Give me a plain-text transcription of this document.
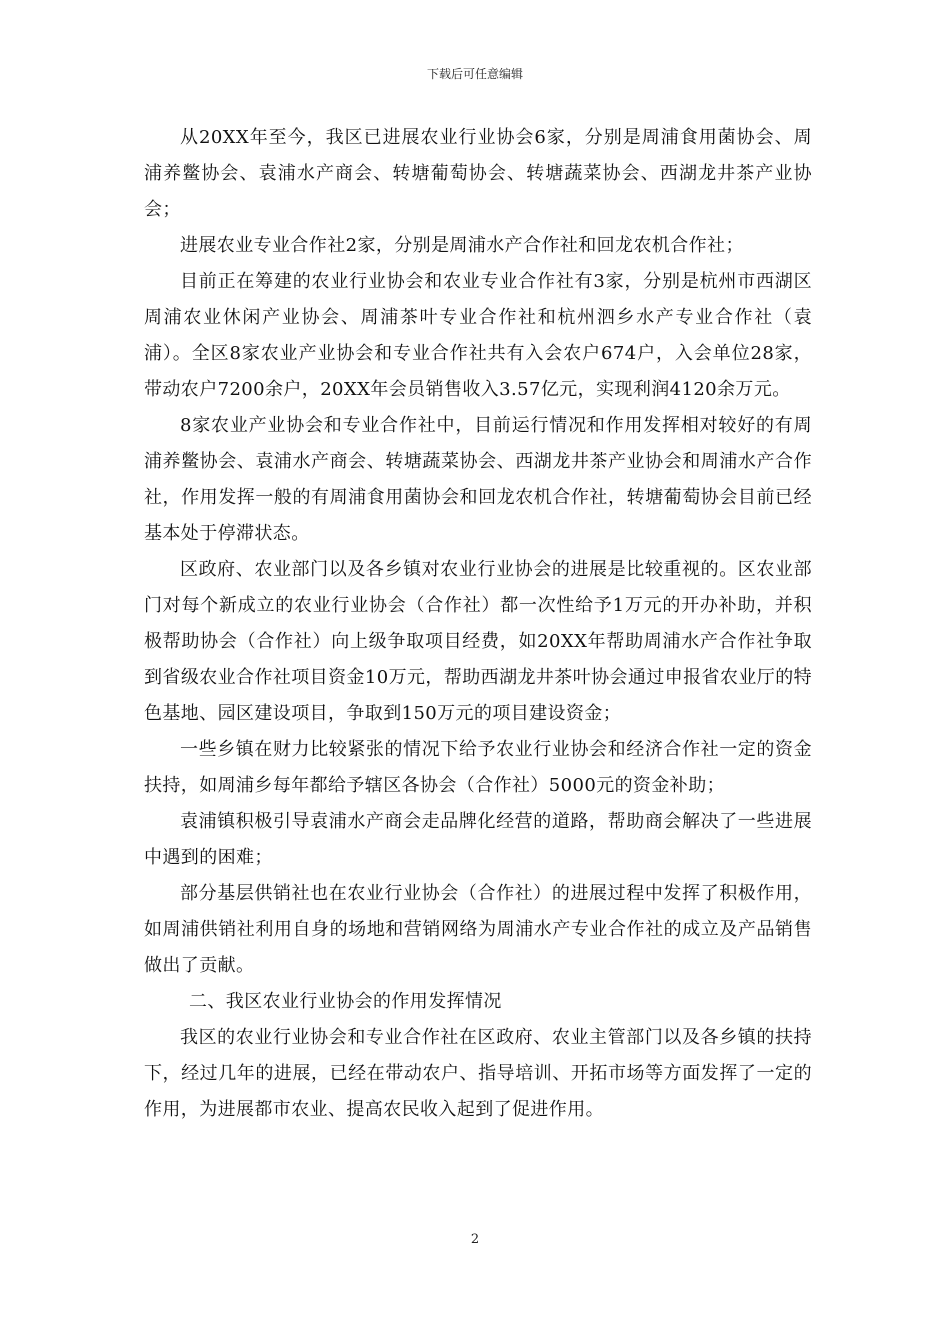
下载后可任意编辑

从20XX年至今，我区已进展农业行业协会6家，分别是周浦食用菌协会、周浦养鳖协会、袁浦水产商会、转塘葡萄协会、转塘蔬菜协会、西湖龙井茶产业协会；

进展农业专业合作社2家，分别是周浦水产合作社和回龙农机合作社；

目前正在筹建的农业行业协会和农业专业合作社有3家，分别是杭州市西湖区周浦农业休闲产业协会、周浦茶叶专业合作社和杭州泗乡水产专业合作社（袁浦）。全区8家农业产业协会和专业合作社共有入会农户674户，入会单位28家，带动农户7200余户，20XX年会员销售收入3.57亿元，实现利润4120余万元。

8家农业产业协会和专业合作社中，目前运行情况和作用发挥相对较好的有周浦养鳖协会、袁浦水产商会、转塘蔬菜协会、西湖龙井茶产业协会和周浦水产合作社，作用发挥一般的有周浦食用菌协会和回龙农机合作社，转塘葡萄协会目前已经基本处于停滞状态。

区政府、农业部门以及各乡镇对农业行业协会的进展是比较重视的。区农业部门对每个新成立的农业行业协会（合作社）都一次性给予1万元的开办补助，并积极帮助协会（合作社）向上级争取项目经费，如20XX年帮助周浦水产合作社争取到省级农业合作社项目资金10万元，帮助西湖龙井茶叶协会通过申报省农业厅的特色基地、园区建设项目，争取到150万元的项目建设资金；

一些乡镇在财力比较紧张的情况下给予农业行业协会和经济合作社一定的资金扶持，如周浦乡每年都给予辖区各协会（合作社）5000元的资金补助；

袁浦镇积极引导袁浦水产商会走品牌化经营的道路，帮助商会解决了一些进展中遇到的困难；

部分基层供销社也在农业行业协会（合作社）的进展过程中发挥了积极作用，如周浦供销社利用自身的场地和营销网络为周浦水产专业合作社的成立及产品销售做出了贡献。

二、我区农业行业协会的作用发挥情况

我区的农业行业协会和专业合作社在区政府、农业主管部门以及各乡镇的扶持下，经过几年的进展，已经在带动农户、指导培训、开拓市场等方面发挥了一定的作用，为进展都市农业、提高农民收入起到了促进作用。

2
